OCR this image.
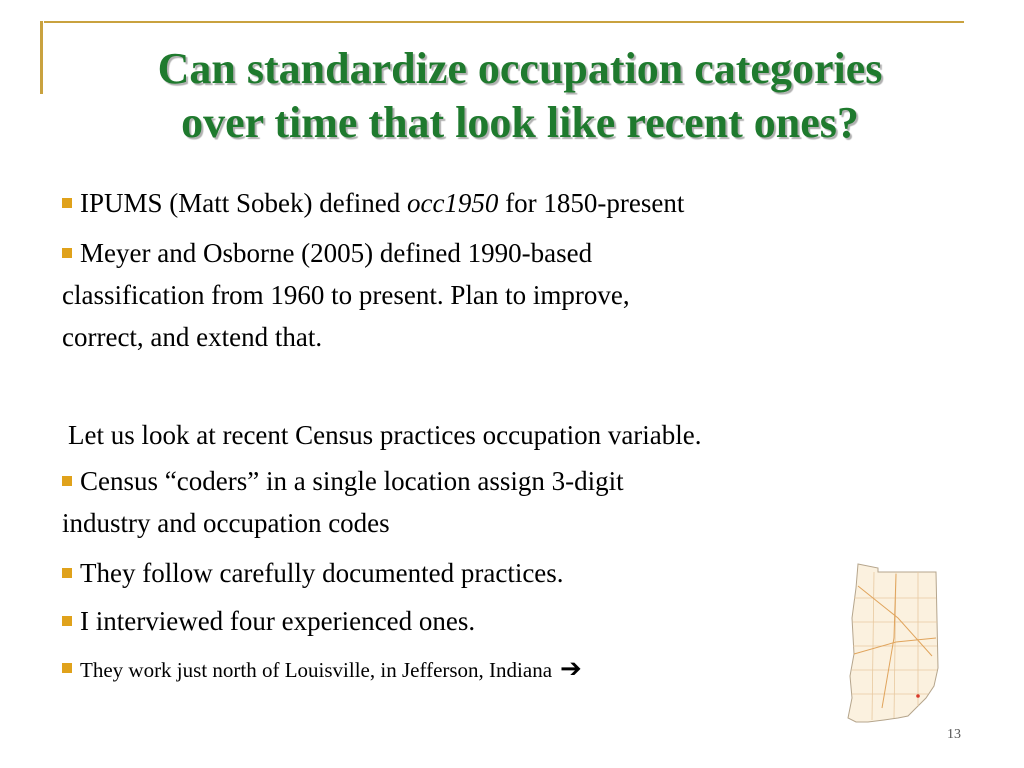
Can standardize occupation categories
over time that look like recent ones?
IPUMS (Matt Sobek) defined occ1950 for 1850-present
Meyer and Osborne (2005) defined 1990-based
classification from 1960 to present. Plan to improve,
correct, and extend that.
Let us look at recent Census practices occupation variable.
Census “coders” in a single location assign 3-digit
industry and occupation codes
They follow carefully documented practices.
I interviewed four experienced ones.
They work just north of Louisville, in Jefferson, Indiana ➔
13
